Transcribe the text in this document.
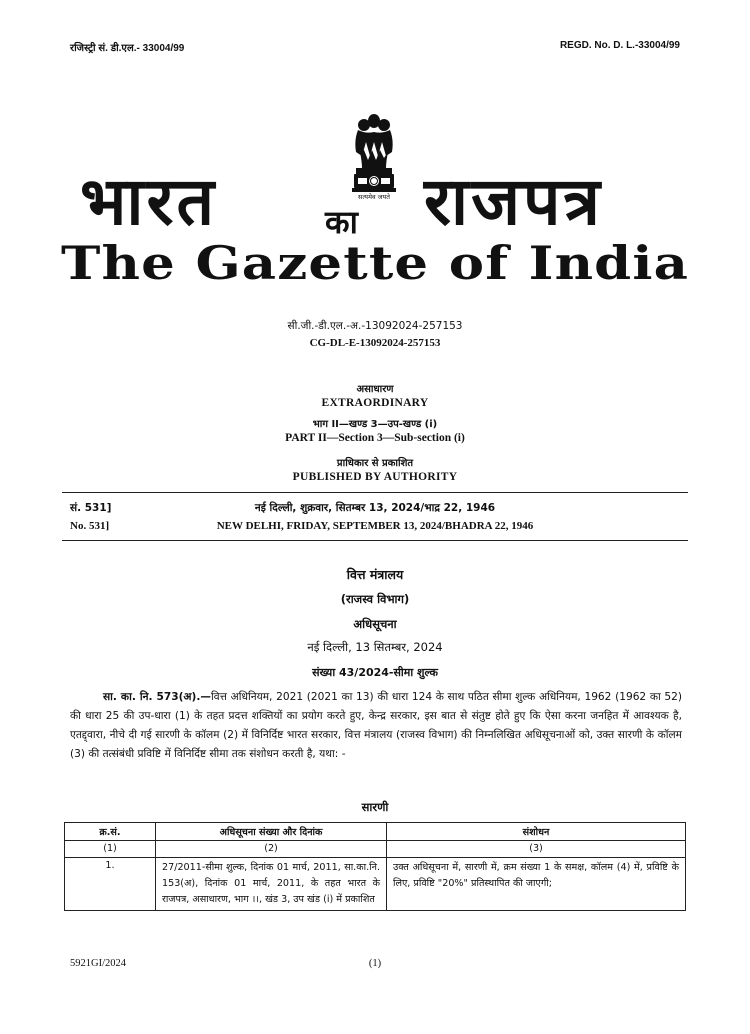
रजिस्ट्री सं. डी.एल.- 33004/99	REGD. No. D. L.-33004/99
सत्यमेव जयते
भारत	का राजपत्र
The Gazette of India
सी.जी.-डी.एल.-अ.-13092024-257153
CG-DL-E-13092024-257153
असाधारण
EXTRAORDINARY
भाग II—खण्ड 3—उप-खण्ड (i)
PART II—Section 3—Sub-section (i)
प्राधिकार से प्रकाशित
PUBLISHED BY AUTHORITY
सं. 531]	नई दिल्ली, शुक्रवार, सितम्बर 13, 2024/भाद्र 22, 1946
No. 531]	NEW DELHI, FRIDAY, SEPTEMBER 13, 2024/BHADRA 22, 1946
वित्त मंत्रालय
(राजस्व विभाग)
अधिसूचना
नई दिल्ली, 13 सितम्बर, 2024
संख्या 43/2024-सीमा शुल्क
सा. का. नि. 573(अ).—वित्त अधिनियम, 2021 (2021 का 13) की धारा 124 के साथ पठित सीमा शुल्क अधिनियम, 1962 (1962 का 52) की धारा 25 की उप-धारा (1) के तहत प्रदत्त शक्तियों का प्रयोग करते हुए, केन्द्र सरकार, इस बात से संतुष्ट होते हुए कि ऐसा करना जनहित में आवश्यक है, एतद्द्वारा, नीचे दी गई सारणी के कॉलम (2) में विनिर्दिष्ट भारत सरकार, वित्त मंत्रालय (राजस्व विभाग) की निम्नलिखित अधिसूचनाओं को, उक्त सारणी के कॉलम (3) की तत्संबंधी प्रविष्टि में विनिर्दिष्ट सीमा तक संशोधन करती है, यथा: -
सारणी
क्र.सं.	अधिसूचना संख्या और दिनांक	संशोधन
(1)	(2)	(3)
1.	27/2011-सीमा शुल्क, दिनांक 01 मार्च, 2011, सा.का.नि. 153(अ), दिनांक 01 मार्च, 2011, के तहत भारत के राजपत्र, असाधारण, भाग ।।, खंड 3, उप खंड (i) में प्रकाशित	उक्त अधिसूचना में, सारणी में, क्रम संख्या 1 के समक्ष, कॉलम (4) में, प्रविष्टि के लिए, प्रविष्टि "20%" प्रतिस्थापित की जाएगी;
5921GI/2024	(1)
